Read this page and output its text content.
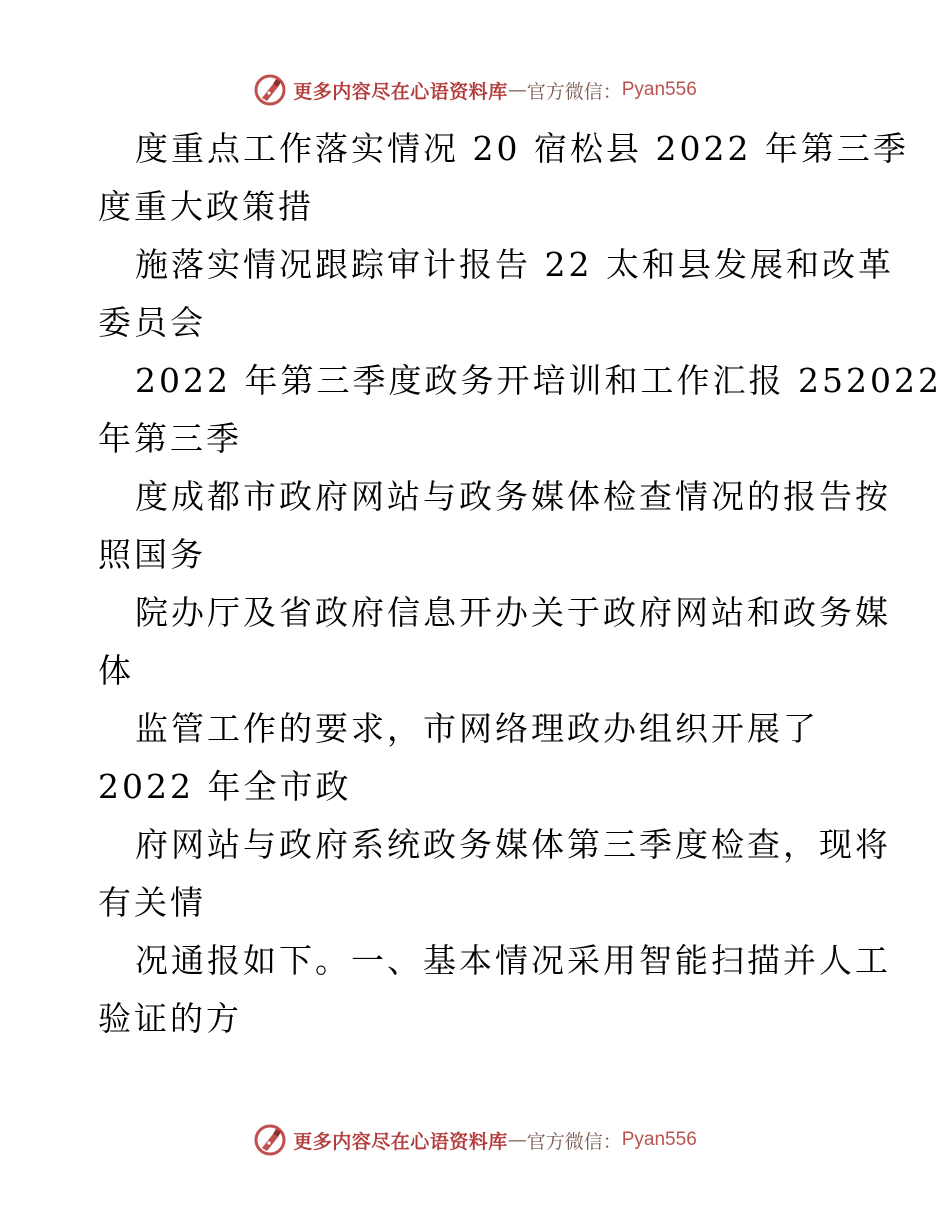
更多内容尽在心语资料库 — 官方微信： Pyan556

度重点工作落实情况 20 宿松县 2022 年第三季
度重大政策措

施落实情况跟踪审计报告 22 太和县发展和改革
委员会

2022 年第三季度政务开培训和工作汇报 252022
年第三季

度成都市政府网站与政务媒体检查情况的报告按
照国务

院办厅及省政府信息开办关于政府网站和政务媒
体

监管工作的要求，市网络理政办组织开展了
2022 年全市政

府网站与政府系统政务媒体第三季度检查，现将
有关情

况通报如下。一、基本情况采用智能扫描并人工
验证的方

更多内容尽在心语资料库 — 官方微信： Pyan556
